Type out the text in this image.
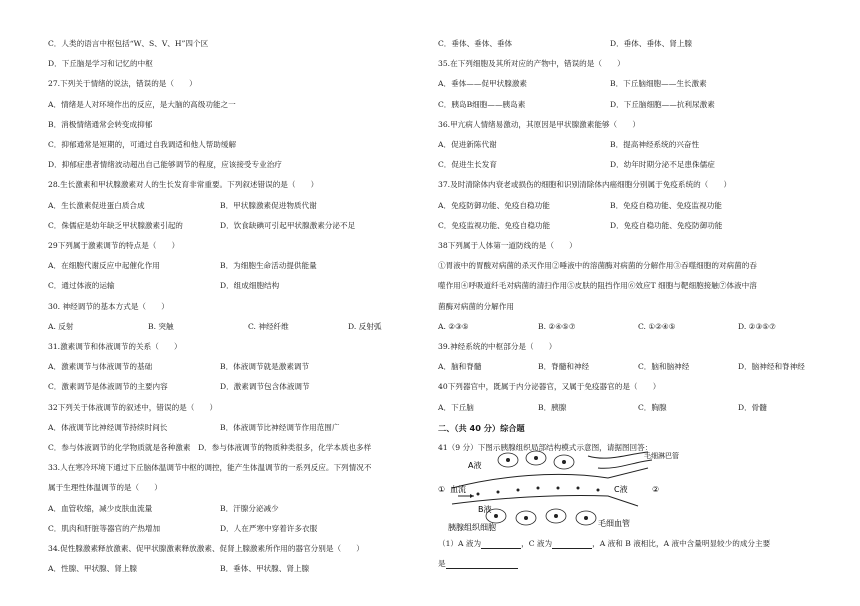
C．人类的语言中枢包括“W、S、V、H”四个区
D．下丘脑是学习和记忆的中枢
27.下列关于情绪的说法，错误的是（　　）
A．情绪是人对环境作出的反应，是大脑的高级功能之一
B．消极情绪通常会转变成抑郁
C．抑郁通常是短期的，可通过自我调适和他人帮助缓解
D．抑郁症患者情绪波动超出自己能够调节的程度，应该接受专业治疗
28.生长激素和甲状腺激素对人的生长发育非常重要。下列叙述错误的是（　　）
A．生长激素促进蛋白质合成	B．甲状腺激素促进物质代谢
C．侏儒症是幼年缺乏甲状腺激素引起的	D．饮食缺碘可引起甲状腺激素分泌不足
29下列属于激素调节的特点是（　　）
A．在细胞代谢反应中起催化作用	B．为细胞生命活动提供能量
C．通过体液的运输	D．组成细胞结构
30. 神经调节的基本方式是（　　）
A. 反射	B. 突触	C. 神经纤维	D. 反射弧
31.激素调节和体液调节的关系（　　）
A．激素调节与体液调节的基础	B．体液调节就是激素调节
C．激素调节是体液调节的主要内容	D．激素调节包含体液调节
32下列关于体液调节的叙述中，错误的是（　　）
A．体液调节比神经调节持续时间长	B．体液调节比神经调节作用范围广
C．参与体液调节的化学物质就是各种激素　D．参与体液调节的物质种类很多，化学本质也多样
33.人在寒冷环境下通过下丘脑体温调节中枢的调控，能产生体温调节的一系列反应。下列情况不
属于生理性体温调节的是（　　）
A．血管收缩，减少皮肤血流量	B．汗腺分泌减少
C．肌肉和肝脏等器官的产热增加	D．人在严寒中穿着许多衣服
34.促性腺激素释放激素、促甲状腺激素释放激素、促肾上腺激素所作用的器官分别是（　　）
A．性腺、甲状腺、肾上腺	B．垂体、甲状腺、肾上腺
C．垂体、垂体、垂体	D．垂体、垂体、肾上腺
35.在下列细胞及其所对应的产物中，错误的是（　　）
A．垂体——促甲状腺激素	B．下丘脑细胞——生长激素
C．胰岛B细胞——胰岛素	D．下丘脑细胞——抗利尿激素
36.甲亢病人情绪易激动，其原因是甲状腺激素能够（　　）
A．促进新陈代谢	B．提高神经系统的兴奋性
C．促进生长发育	D．幼年时期分泌不足患侏儒症
37.及时清除体内衰老或损伤的细胞和识别清除体内癌细胞分别属于免疫系统的（　　）
A．免疫防御功能、免疫自稳功能	B．免疫自稳功能、免疫监视功能
C．免疫监视功能、免疫自稳功能	D．免疫自稳功能、免疫防御功能
38下列属于人体第一道防线的是（　　）
①胃液中的胃酸对病菌的杀灭作用②唾液中的溶菌酶对病菌的分解作用③吞噬细胞的对病菌的吞
噬作用④呼吸道纤毛对病菌的清扫作用⑤皮肤的阻挡作用⑥效应T 细胞与靶细胞接触⑦体液中溶
菌酶对病菌的分解作用
A. ②③⑤	B. ②④⑤⑦	C. ①②④⑤	D. ②③⑤⑦
39.神经系统的中枢部分是（　　）
A．脑和脊髓	B．脊髓和神经	C．脑和脑神经	D．脑神经和脊神经
40下列器官中，既属于内分泌器官，又属于免疫器官的是（　　）
A．下丘脑	B．胰腺	C．胸腺	D．骨髓
二、（共 40 分）综合题
41（9 分）下图示胰腺组织局部结构模式示意图，请据图回答：
A液
B液
C液
血流
①	②
毛细淋巴管
胰腺组织细胞	毛细血管
（1）A 液为	，C 液为	，A 液和 B 液相比，A 液中含量明显较少的成分主要
是
